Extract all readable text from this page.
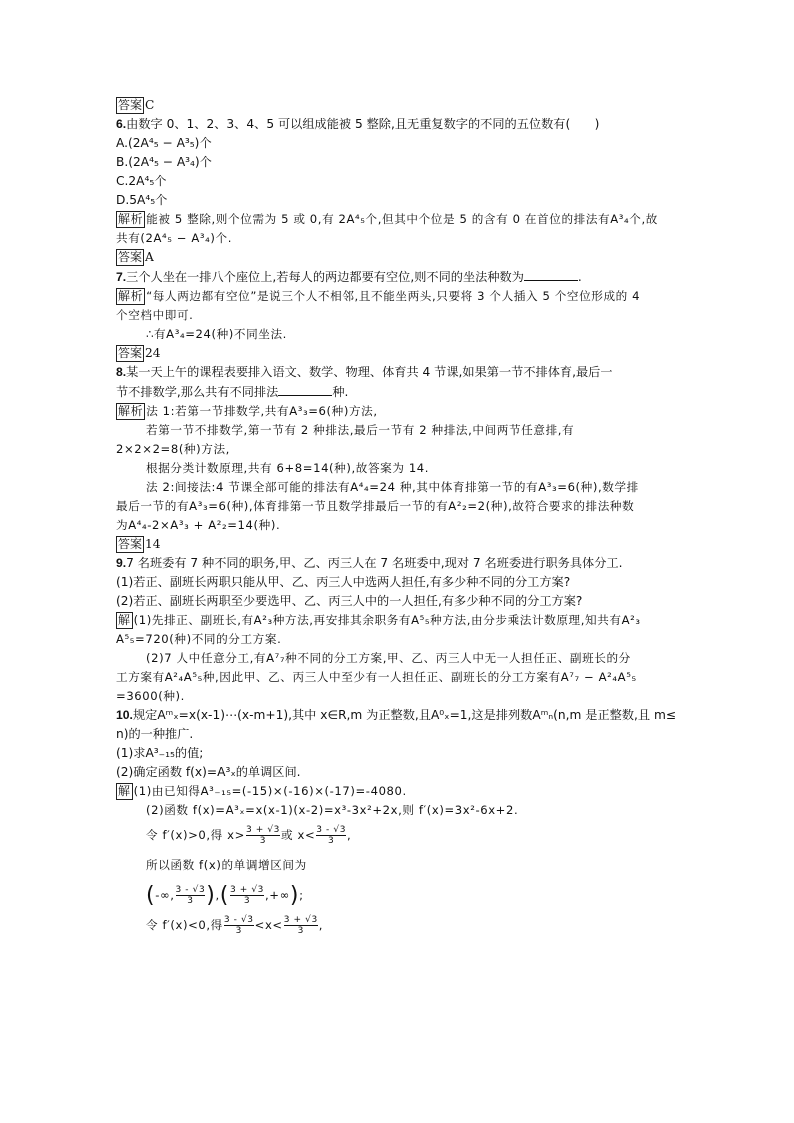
答案 C
6.由数字 0、1、2、3、4、5 可以组成能被 5 整除,且无重复数字的不同的五位数有(　　)
A.(2A⁴₅ − A³₅)个
B.(2A⁴₅ − A³₄)个
C.2A⁴₅个
D.5A⁴₅个
解析 能被 5 整除,则个位需为 5 或 0,有 2A⁴₅个,但其中个位是 5 的含有 0 在首位的排法有A³₄个,故
共有(2A⁴₅ − A³₄)个.
答案 A
7.三个人坐在一排八个座位上,若每人的两边都要有空位,则不同的坐法种数为	.
解析 “每人两边都有空位”是说三个人不相邻,且不能坐两头,只要将 3 个人插入 5 个空位形成的 4
个空档中即可.
∴有A³₄=24(种)不同坐法.
答案 24
8.某一天上午的课程表要排入语文、数学、物理、体育共 4 节课,如果第一节不排体育,最后一
节不排数学,那么共有不同排法	种.
解析 法 1:若第一节排数学,共有A³₃=6(种)方法,
若第一节不排数学,第一节有 2 种排法,最后一节有 2 种排法,中间两节任意排,有
2×2×2=8(种)方法,
根据分类计数原理,共有 6+8=14(种),故答案为 14.
法 2:间接法:4 节课全部可能的排法有A⁴₄=24 种,其中体育排第一节的有A³₃=6(种),数学排
最后一节的有A³₃=6(种),体育排第一节且数学排最后一节的有A²₂=2(种),故符合要求的排法种数
为A⁴₄-2×A³₃ + A²₂=14(种).
答案 14
9.7 名班委有 7 种不同的职务,甲、乙、丙三人在 7 名班委中,现对 7 名班委进行职务具体分工.
(1)若正、副班长两职只能从甲、乙、丙三人中选两人担任,有多少种不同的分工方案?
(2)若正、副班长两职至少要选甲、乙、丙三人中的一人担任,有多少种不同的分工方案?
解 (1)先排正、副班长,有A²₃种方法,再安排其余职务有A⁵₅种方法,由分步乘法计数原理,知共有A²₃
A⁵₅=720(种)不同的分工方案.
(2)7 人中任意分工,有A⁷₇种不同的分工方案,甲、乙、丙三人中无一人担任正、副班长的分
工方案有A²₄A⁵₅种,因此甲、乙、丙三人中至少有一人担任正、副班长的分工方案有A⁷₇ − A²₄A⁵₅
=3600(种).
10.规定Aᵐₓ=x(x-1)⋯(x-m+1),其中 x∈R,m 为正整数,且A⁰ₓ=1,这是排列数Aᵐₙ(n,m 是正整数,且 m≤
n)的一种推广.
(1)求A³₋₁₅的值;
(2)确定函数 f(x)=A³ₓ的单调区间.
解 (1)由已知得A³₋₁₅=(-15)×(-16)×(-17)=-4080.
(2)函数 f(x)=A³ₓ=x(x-1)(x-2)=x³-3x²+2x,则 f′(x)=3x²-6x+2.
令 f′(x)>0,得 $x> \frac{3 + √3}{3}$ 或 $x< \frac{3 - √3}{3}$ ,
所以函数 f(x)的单调增区间为
(-∞, $\frac{3 - √3}{3}$ ),( $\frac{3 + √3}{3}$ ,+∞);
令 f′(x)<0,得 $\frac{3 - √3}{3} <x< \frac{3 + √3}{3}$ ,
